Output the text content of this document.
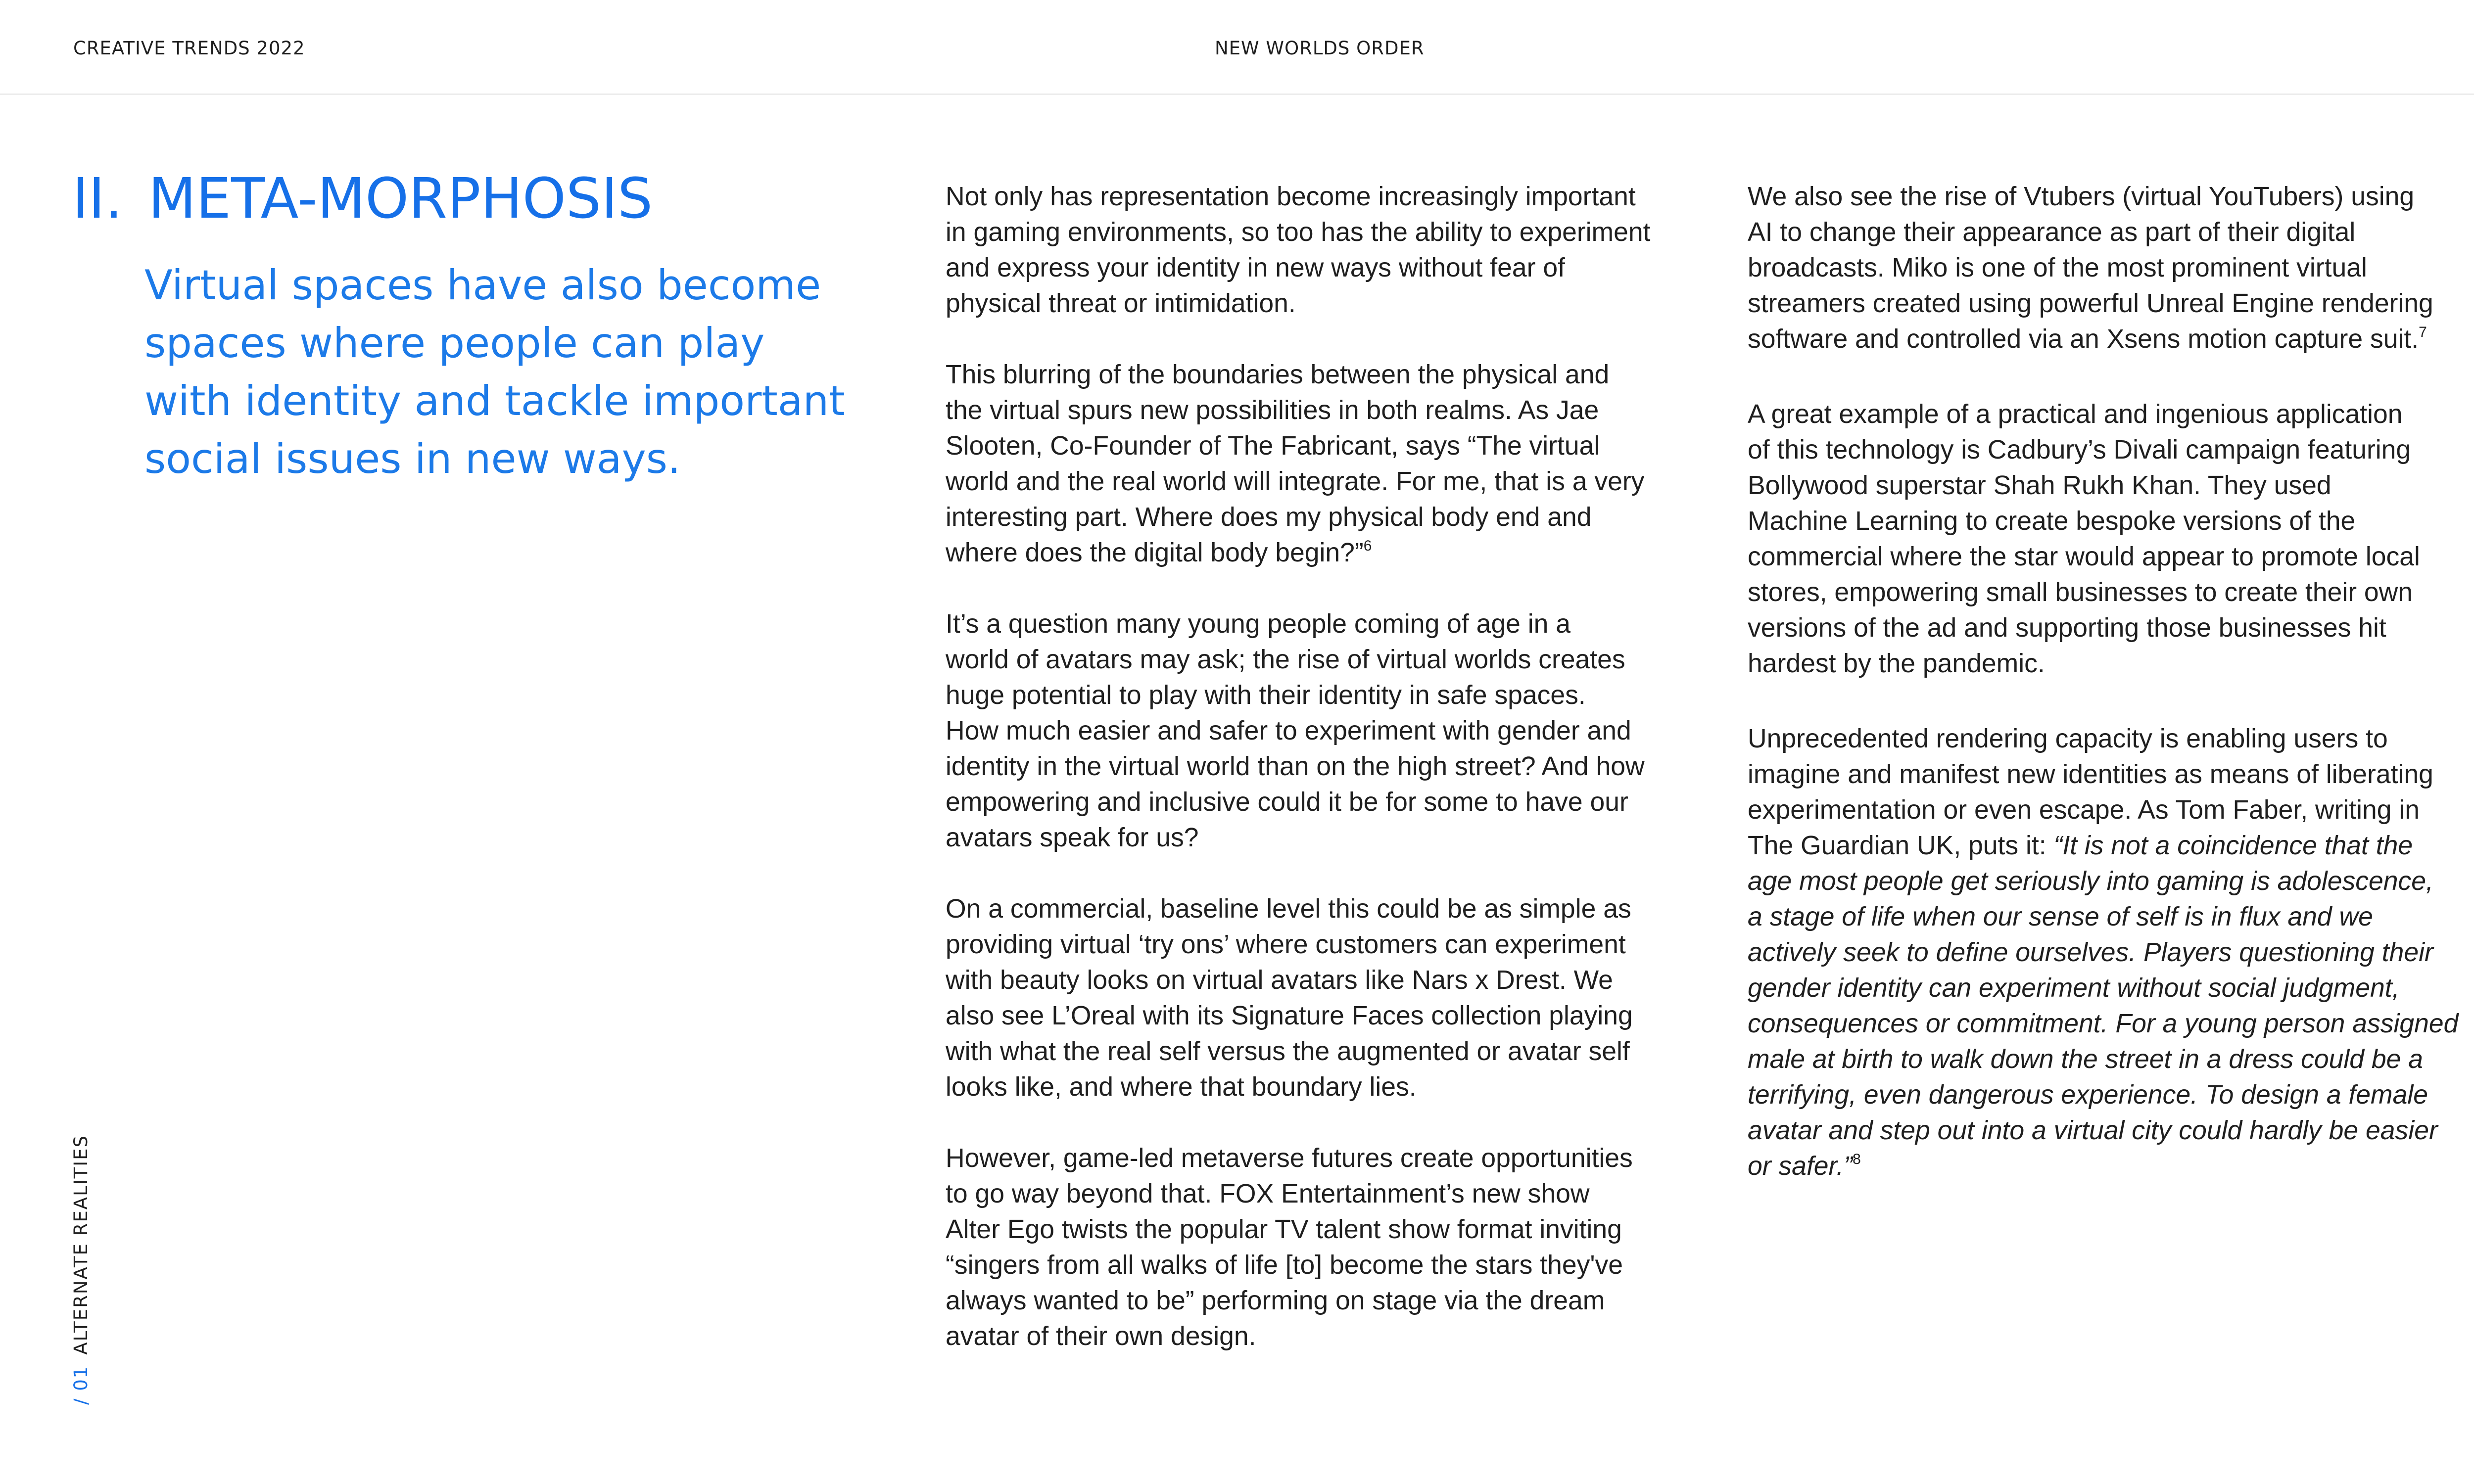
CREATIVE TRENDS 2022	NEW WORLDS ORDER
II. META-MORPHOSIS
Virtual spaces have also become
spaces where people can play
with identity and tackle important
social issues in new ways.
Not only has representation become increasingly important
in gaming environments, so too has the ability to experiment
and express your identity in new ways without fear of
physical threat or intimidation.
This blurring of the boundaries between the physical and
the virtual spurs new possibilities in both realms. As Jae
Slooten, Co-Founder of The Fabricant, says “The virtual
world and the real world will integrate. For me, that is a very
interesting part. Where does my physical body end and
where does the digital body begin?”$^6$
It’s a question many young people coming of age in a
world of avatars may ask; the rise of virtual worlds creates
huge potential to play with their identity in safe spaces.
How much easier and safer to experiment with gender and
identity in the virtual world than on the high street? And how
empowering and inclusive could it be for some to have our
avatars speak for us?
On a commercial, baseline level this could be as simple as
providing virtual ‘try ons’ where customers can experiment
with beauty looks on virtual avatars like Nars x Drest. We
also see L’Oreal with its Signature Faces collection playing
with what the real self versus the augmented or avatar self
looks like, and where that boundary lies.
However, game-led metaverse futures create opportunities
to go way beyond that. FOX Entertainment’s new show
Alter Ego twists the popular TV talent show format inviting
“singers from all walks of life [to] become the stars they've
always wanted to be” performing on stage via the dream
avatar of their own design.
We also see the rise of Vtubers (virtual YouTubers) using
AI to change their appearance as part of their digital
broadcasts. Miko is one of the most prominent virtual
streamers created using powerful Unreal Engine rendering
software and controlled via an Xsens motion capture suit.$^7$
A great example of a practical and ingenious application
of this technology is Cadbury’s Divali campaign featuring
Bollywood superstar Shah Rukh Khan. They used
Machine Learning to create bespoke versions of the
commercial where the star would appear to promote local
stores, empowering small businesses to create their own
versions of the ad and supporting those businesses hit
hardest by the pandemic.
Unprecedented rendering capacity is enabling users to
imagine and manifest new identities as means of liberating
experimentation or even escape. As Tom Faber, writing in
The Guardian UK, puts it: “It is not a coincidence that the
age most people get seriously into gaming is adolescence,
a stage of life when our sense of self is in flux and we
actively seek to define ourselves. Players questioning their
gender identity can experiment without social judgment,
consequences or commitment. For a young person assigned
male at birth to walk down the street in a dress could be a
terrifying, even dangerous experience. To design a female
avatar and step out into a virtual city could hardly be easier
or safer.”$^8$
/ 01ALTERNATE REALITIES
